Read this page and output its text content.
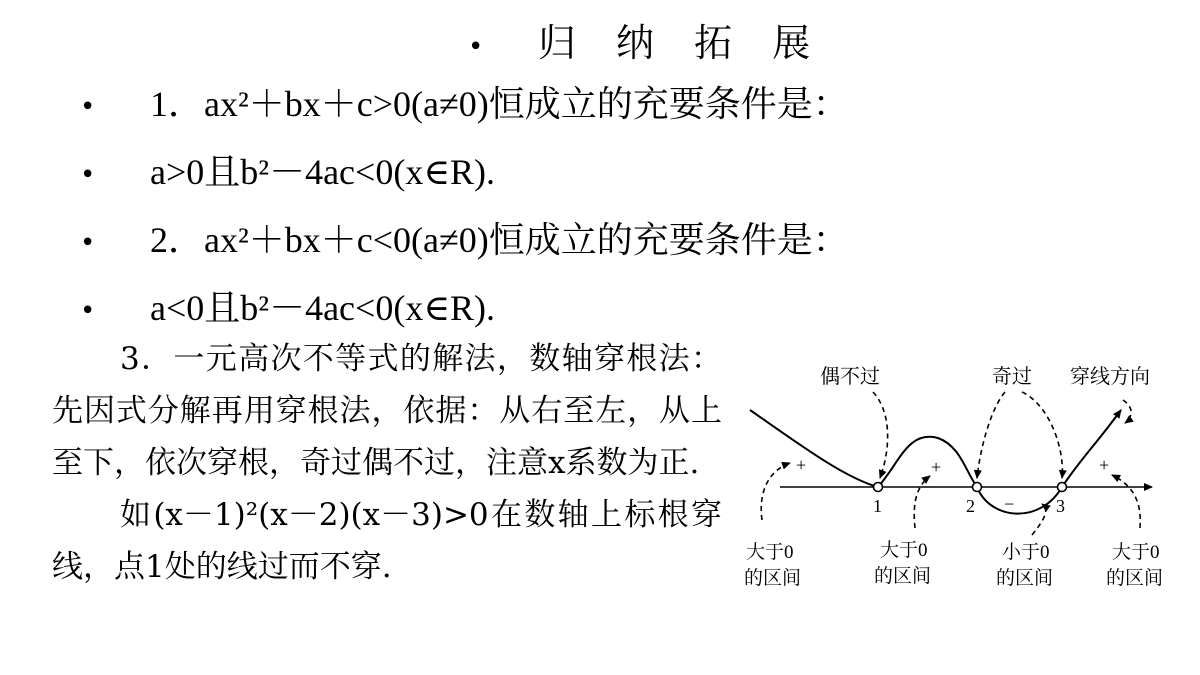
• 归 纳 拓 展
• 1．ax²＋bx＋c>0(a≠0)恒成立的充要条件是：
• a>0且b²－4ac<0(x∈R).
• 2．ax²＋bx＋c<0(a≠0)恒成立的充要条件是：
• a<0且b²－4ac<0(x∈R).

3．一元高次不等式的解法，数轴穿根法：先因式分解再用穿根法，依据：从右至左，从上至下，依次穿根，奇过偶不过，注意x系数为正.

如(x－1)²(x－2)(x－3)>0在数轴上标根穿线，点1处的线过而不穿.

1	2	3
+	+
−
+
偶不过	奇过 穿线方向
大于0 的区间
大于0 的区间
小于0 的区间
大于0 的区间
